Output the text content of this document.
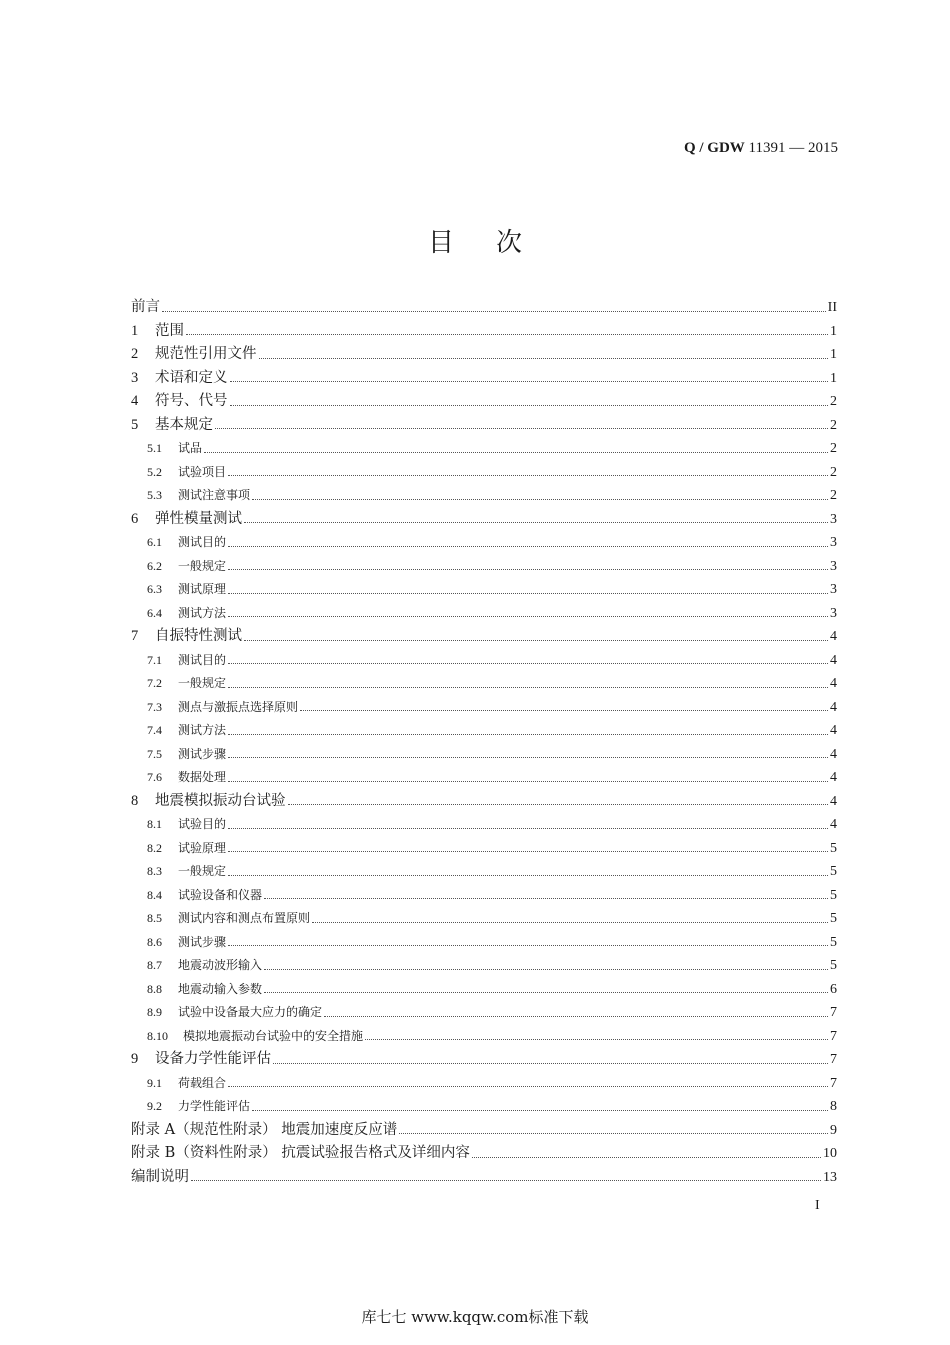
Q / GDW 11391 — 2015
目次
前言	II
1	范围	1
2	规范性引用文件	1
3	术语和定义	1
4	符号、代号	2
5	基本规定	2
5.1	试品	2
5.2	试验项目	2
5.3	测试注意事项	2
6	弹性模量测试	3
6.1	测试目的	3
6.2	一般规定	3
6.3	测试原理	3
6.4	测试方法	3
7	自振特性测试	4
7.1	测试目的	4
7.2	一般规定	4
7.3	测点与激振点选择原则	4
7.4	测试方法	4
7.5	测试步骤	4
7.6	数据处理	4
8	地震模拟振动台试验	4
8.1	试验目的	4
8.2	试验原理	5
8.3	一般规定	5
8.4	试验设备和仪器	5
8.5	测试内容和测点布置原则	5
8.6	测试步骤	5
8.7	地震动波形输入	5
8.8	地震动输入参数	6
8.9	试验中设备最大应力的确定	7
8.10	模拟地震振动台试验中的安全措施	7
9	设备力学性能评估	7
9.1	荷载组合	7
9.2	力学性能评估	8
附录 A（规范性附录） 地震加速度反应谱	9
附录 B（资料性附录） 抗震试验报告格式及详细内容	10
编制说明	13
I
库七七 www.kqqw.com标准下载
